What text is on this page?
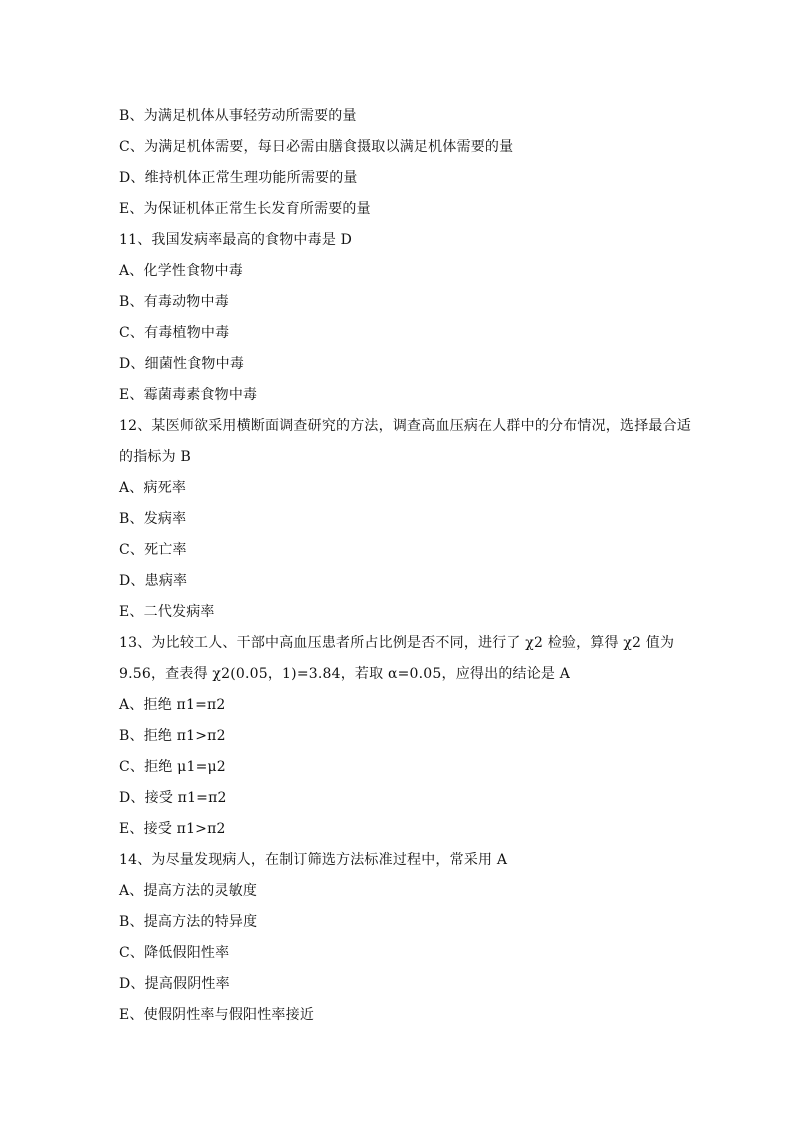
B、为满足机体从事轻劳动所需要的量
C、为满足机体需要，每日必需由膳食摄取以满足机体需要的量
D、维持机体正常生理功能所需要的量
E、为保证机体正常生长发育所需要的量
11、我国发病率最高的食物中毒是 D
A、化学性食物中毒
B、有毒动物中毒
C、有毒植物中毒
D、细菌性食物中毒
E、霉菌毒素食物中毒
12、某医师欲采用横断面调查研究的方法，调查高血压病在人群中的分布情况，选择最合适
的指标为 B
A、病死率
B、发病率
C、死亡率
D、患病率
E、二代发病率
13、为比较工人、干部中高血压患者所占比例是否不同，进行了 χ2 检验，算得 χ2 值为
9.56，查表得 χ2(0.05，1)=3.84，若取 α=0.05，应得出的结论是 A
A、拒绝 π1=π2
B、拒绝 π1>π2
C、拒绝 μ1=μ2
D、接受 π1=π2
E、接受 π1>π2
14、为尽量发现病人，在制订筛选方法标准过程中，常采用 A
A、提高方法的灵敏度
B、提高方法的特异度
C、降低假阳性率
D、提高假阴性率
E、使假阴性率与假阳性率接近
